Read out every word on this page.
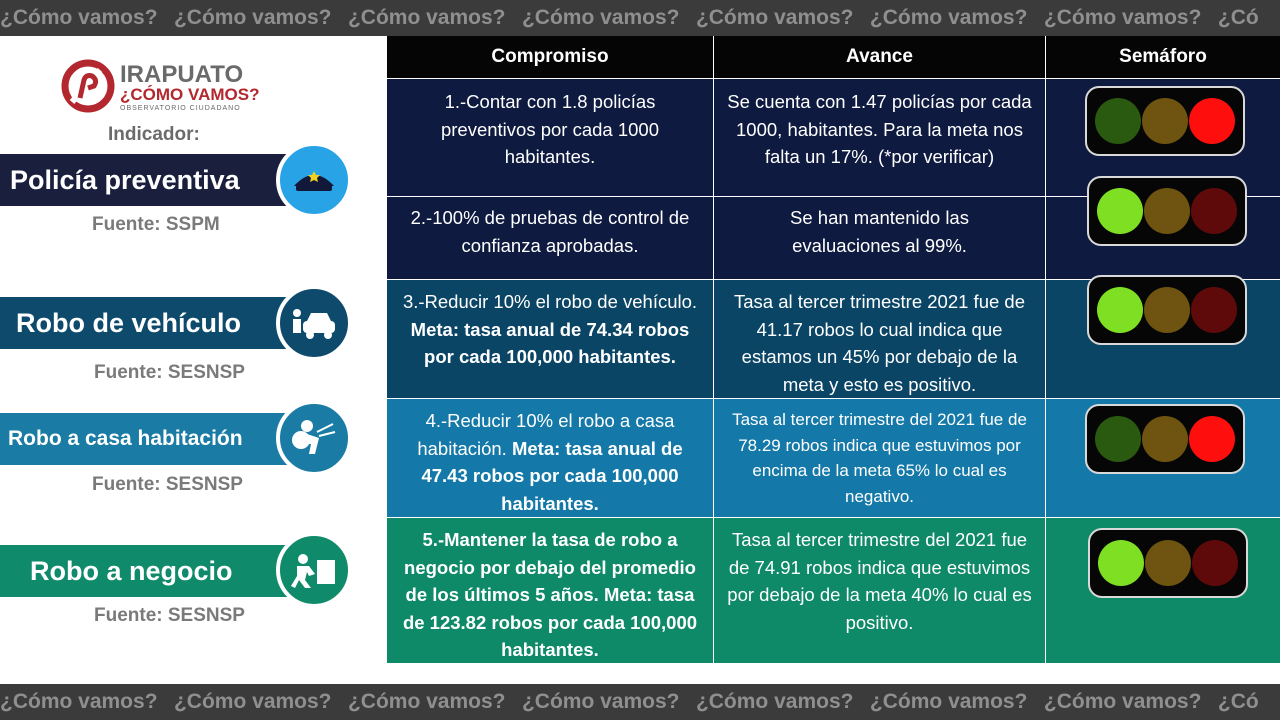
¿Cómo vamos? ¿Cómo vamos? ¿Cómo vamos? ¿Cómo vamos? ¿Cómo vamos? ¿Cómo vamos? ¿Cómo vamos? ¿Có
IRAPUATO
¿CÓMO VAMOS?
OBSERVATORIO CIUDADANO
Indicador:
Policía preventiva
Fuente: SSPM
Robo de vehículo
Fuente: SESNSP
Robo a casa habitación
Fuente: SESNSP
Robo a negocio
Fuente: SESNSP
Compromiso	Avance	Semáforo
1.-Contar con 1.8 policías preventivos por cada 1000 habitantes.
Se cuenta con 1.47 policías por cada 1000, habitantes. Para la meta nos falta un 17%. (*por verificar)
2.-100% de pruebas de control de confianza aprobadas.
Se han mantenido las evaluaciones al 99%.
3.-Reducir 10% el robo de vehículo. Meta: tasa anual de 74.34 robos por cada 100,000 habitantes.
Tasa al tercer trimestre 2021 fue de 41.17 robos lo cual indica que estamos un 45% por debajo de la meta y esto es positivo.
4.-Reducir 10% el robo a casa habitación. Meta: tasa anual de 47.43 robos por cada 100,000 habitantes.
Tasa al tercer trimestre del 2021 fue de 78.29 robos indica que estuvimos por encima de la meta 65% lo cual es negativo.
5.-Mantener la tasa de robo a negocio por debajo del promedio de los últimos 5 años. Meta: tasa de 123.82 robos por cada 100,000 habitantes.
Tasa al tercer trimestre del 2021 fue de 74.91 robos indica que estuvimos por debajo de la meta 40% lo cual es positivo.
¿Cómo vamos? ¿Cómo vamos? ¿Cómo vamos? ¿Cómo vamos? ¿Cómo vamos? ¿Cómo vamos? ¿Cómo vamos? ¿Có
